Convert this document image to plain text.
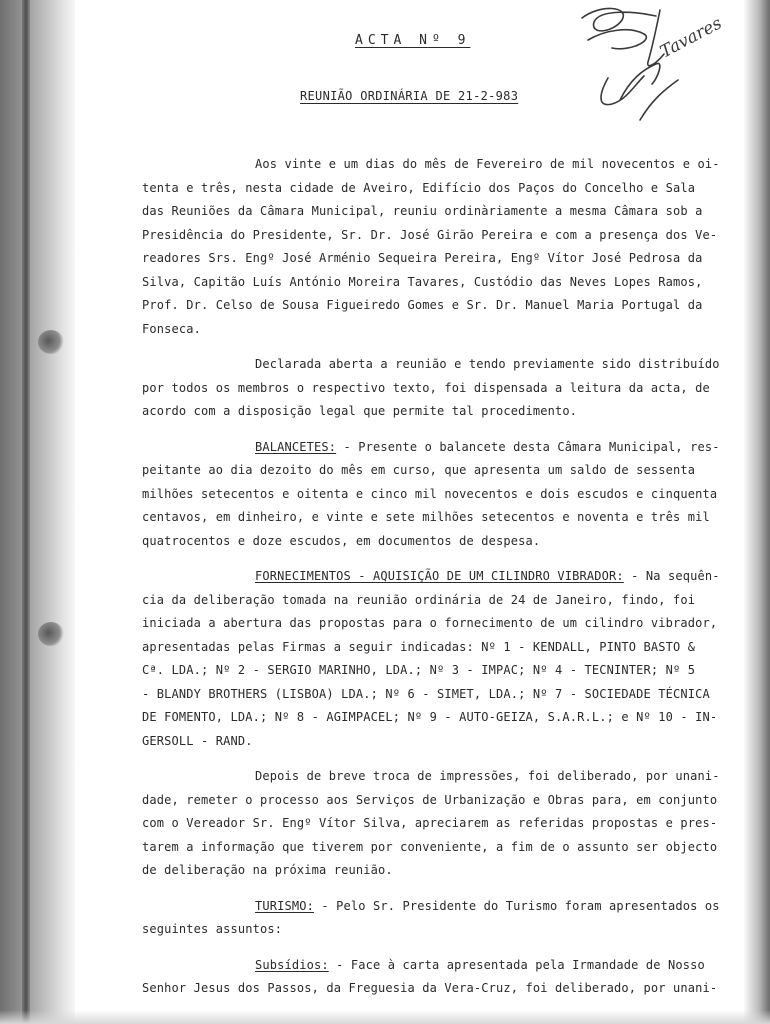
ACTA Nº 9
REUNIÃO ORDINÁRIA DE 21-2-983
Tavares
Aos vinte e um dias do mês de Fevereiro de mil novecentos e oi-
tenta e três, nesta cidade de Aveiro, Edifício dos Paços do Concelho e Sala
das Reuniões da Câmara Municipal, reuniu ordinàriamente a mesma Câmara sob a
Presidência do Presidente, Sr. Dr. José Girão Pereira e com a presença dos Ve-
readores Srs. Engº José Arménio Sequeira Pereira, Engº Vítor José Pedrosa da
Silva, Capitão Luís António Moreira Tavares, Custódio das Neves Lopes Ramos,
Prof. Dr. Celso de Sousa Figueiredo Gomes e Sr. Dr. Manuel Maria Portugal da
Fonseca.
Declarada aberta a reunião e tendo previamente sido distribuído
por todos os membros o respectivo texto, foi dispensada a leitura da acta, de
acordo com a disposição legal que permite tal procedimento.
BALANCETES: - Presente o balancete desta Câmara Municipal, res-
peitante ao dia dezoito do mês em curso, que apresenta um saldo de sessenta
milhões setecentos e oitenta e cinco mil novecentos e dois escudos e cinquenta
centavos, em dinheiro, e vinte e sete milhões setecentos e noventa e três mil
quatrocentos e doze escudos, em documentos de despesa.
FORNECIMENTOS - AQUISIÇÃO DE UM CILINDRO VIBRADOR: - Na sequên-
cia da deliberação tomada na reunião ordinária de 24 de Janeiro, findo, foi
iniciada a abertura das propostas para o fornecimento de um cilindro vibrador,
apresentadas pelas Firmas a seguir indicadas: Nº 1 - KENDALL, PINTO BASTO &
Cª. LDA.; Nº 2 - SERGIO MARINHO, LDA.; Nº 3 - IMPAC; Nº 4 - TECNINTER; Nº 5
- BLANDY BROTHERS (LISBOA) LDA.; Nº 6 - SIMET, LDA.; Nº 7 - SOCIEDADE TÉCNICA
DE FOMENTO, LDA.; Nº 8 - AGIMPACEL; Nº 9 - AUTO-GEIZA, S.A.R.L.; e Nº 10 - IN-
GERSOLL - RAND.
Depois de breve troca de impressões, foi deliberado, por unani-
dade, remeter o processo aos Serviços de Urbanização e Obras para, em conjunto
com o Vereador Sr. Engº Vítor Silva, apreciarem as referidas propostas e pres-
tarem a informação que tiverem por conveniente, a fim de o assunto ser objecto
de deliberação na próxima reunião.
TURISMO: - Pelo Sr. Presidente do Turismo foram apresentados os
seguintes assuntos:
Subsídios: - Face à carta apresentada pela Irmandade de Nosso
Senhor Jesus dos Passos, da Freguesia da Vera-Cruz, foi deliberado, por unani-
